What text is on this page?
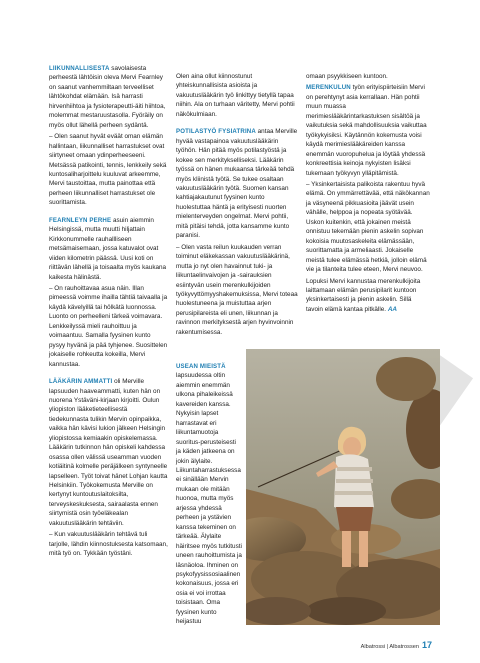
LIIKUNNALLISESTA savolaisesta perheestä lähtöisin oleva Mervi Fearnley on saanut vanhemmiltaan terveelliset lähtökohdat elämään. Isä harrasti hirvenhiihtoa ja fysioterapeutti-äiti hiihtoa, molemmat mestaruustasolla. Fyöräily on myös ollut lähellä perheen sydäntä.

– Olen saanut hyvät eväät oman elämän hallintaan, liikunnalliset harrastukset ovat siirtyneet omaan ydinperheeseeni. Metsässä patikointi, tennis, lenkkeily sekä kuntosaliharjoittelu kuuluvat arkeemme, Mervi taustoittaa, mutta painottaa että perheen liikunnalliset harrastukset ole suorittamista.

FEARNLEYN PERHE asuin aiemmin Helsingissä, mutta muutti hiljattain Kirkkonummelle rauhallliseen metsämaisemaan, jossa katuvalot ovat viiden kilometrin päässä. Uusi koti on riittävän lähellä ja toisaalta myös kaukana kaikesta hälinästä.

– On rauhoittavaa asua näin. Illan pimeessä voimme ihailla tähtiä taivaalla ja käydä kävelyillä tai hölkätä luonnossa. Luonto on perheelleni tärkeä voimavara. Lenkkeilyssä mieli rauhoittuu ja voimaantuu. Samalla fyysinen kunto pysyy hyvänä ja pää tyhjenee. Suosittelen jokaiselle rohkeutta kokeilla, Mervi kannustaa.

LÄÄKÄRIN AMMATTI oli Merville lapsuuden haaveammatti, kuten hän on nuorena Ystäväni-kirjaan kirjoitti. Oulun yliopiston lääketieteellisestä tiedekunnasta tulikin Mervin opinpaikka, vaikka hän kävisi lukion jälkeen Helsingin yliopistossa kemiaakin opiskelemassa. Lääkärin tutkinnon hän opiskeli kahdessa osassa ollen välissä useamman vuoden kotiäitinä kolmelle peräjälkeen syntyneelle lapselleen. Työt toivat hänet Lohjan kautta Helsinkiin. Työkokemusta Merville on kertynyt kuntoutuslaitoksilta, terveyskeskuksesta, sairaalasta ennen siirtymistä osin työeläkealan vakuutuslääkärin tehtäviin.

– Kun vakuutuslääkärin tehtävä tuli tarjolle, lähdin kiinnostuksesta katsomaan, mitä työ on. Tykkään työstäni.

Olen aina ollut kiinnostunut yhteiskunnallisista asioista ja vakuutuslääkärin työ linkittyy tietyllä tapaa niihin. Ala on turhaan väritetty, Mervi pohtii näkökulmiaan.

POTILASTYÖ FYSIATRINA antaa Merville hyvää vastapainoa vakuutuslääkärin työhön. Hän pitää myös potilastyöstä ja kokee sen merkitykselliseksi. Lääkärin työssä on hänen mukaansa tärkeää tehdä myös kliinistä työtä. Se tukee osaltaan vakuutuslääkärin työtä. Suomen kansan kahtiajakautunut fyysinen kunto huolestuttaa häntä ja erityisesti nuorten mielenterveyden ongelmat. Mervi pohtii, mitä pitäisi tehdä, jotta kansamme kunto paranisi.

– Olen vasta reilun kuukauden verran toiminut eläkekassan vakuutuslääkärinä, mutta jo nyt olen havainnut tuki- ja liikuntaelinvaivojen ja -sairauksien esiintyvän usein merenkulkijoiden työkyvyttömyyshakemuksissa, Mervi toteaa huolestuneena ja muistuttaa arjen perusipilareista eli unen, liikunnan ja ravinnon merkityksestä arjen hyvinvoinnin rakentumisessa.

USEAN MIEISTÄ lapsuudessa oltin aiemmin enemmän ulkona pihaleikeissä kavereiden kanssa. Nykyisin lapset harrastavat eri liikuntamuotoja suoritus-perusteisesti ja käden jatkeena on jokin älylaite. Liikuntaharrastuksessa ei sinällään Mervin mukaan ole mitään huonoa, mutta myös arjessa yhdessä perheen ja ystävien kanssa tekeminen on tärkeää. Älylaite häiritsee myös tutkitusti uneen rauhoittumista ja läsnäoloa. Ihminen on psykofyysissosiaalinen kokonaisuus, jossa eri osia ei voi irrottaa toisistaan. Oma fyysinen kunto heijastuu

omaan psyykkiseen kuntoon.

MERENKULUN työn erityispiirteisiin Mervi on perehtynyt asia kerrallaan. Hän pohtii muun muassa merimieslääkärintarkastuksen sisältöä ja vaikutuksia sekä mahdollisuuksia vaikuttaa työkykyisiksi. Käytännön kokemusta voisi käydä merimieslääkäreiden kanssa enemmän vuoropuhelua ja löytää yhdessä konkreettisia keinoja nykyisten lisäksi tukemaan työkyvyn ylläpitämistä.

– Yksinkertaisista palikoista rakentuu hyvä elämä. On ymmärrettävää, että näkökannan ja väsyneenä pikkuasioita jäävät usein vähälle, helppoa ja nopeata syötävää. Uskon kuitenkin, että jokainen meistä onnistuu tekemään pienin askelin sopivan kokoisia muutosaskeleita elämässään, suorittamatta ja armeliaasti. Jokaiselle meistä tulee elämässä hetkiä, jolloin elämä vie ja tilanteita tulee eteen, Mervi neuvoo.

Lopuksi Mervi kannustaa merenkulkijoita laittamaan elämän perusipilarit kuntoon yksinkertaisesti ja pienin askelin. Sillä tavoin elämä kantaa pitkälle. AA

Albatrossi | Albatrossen 17
